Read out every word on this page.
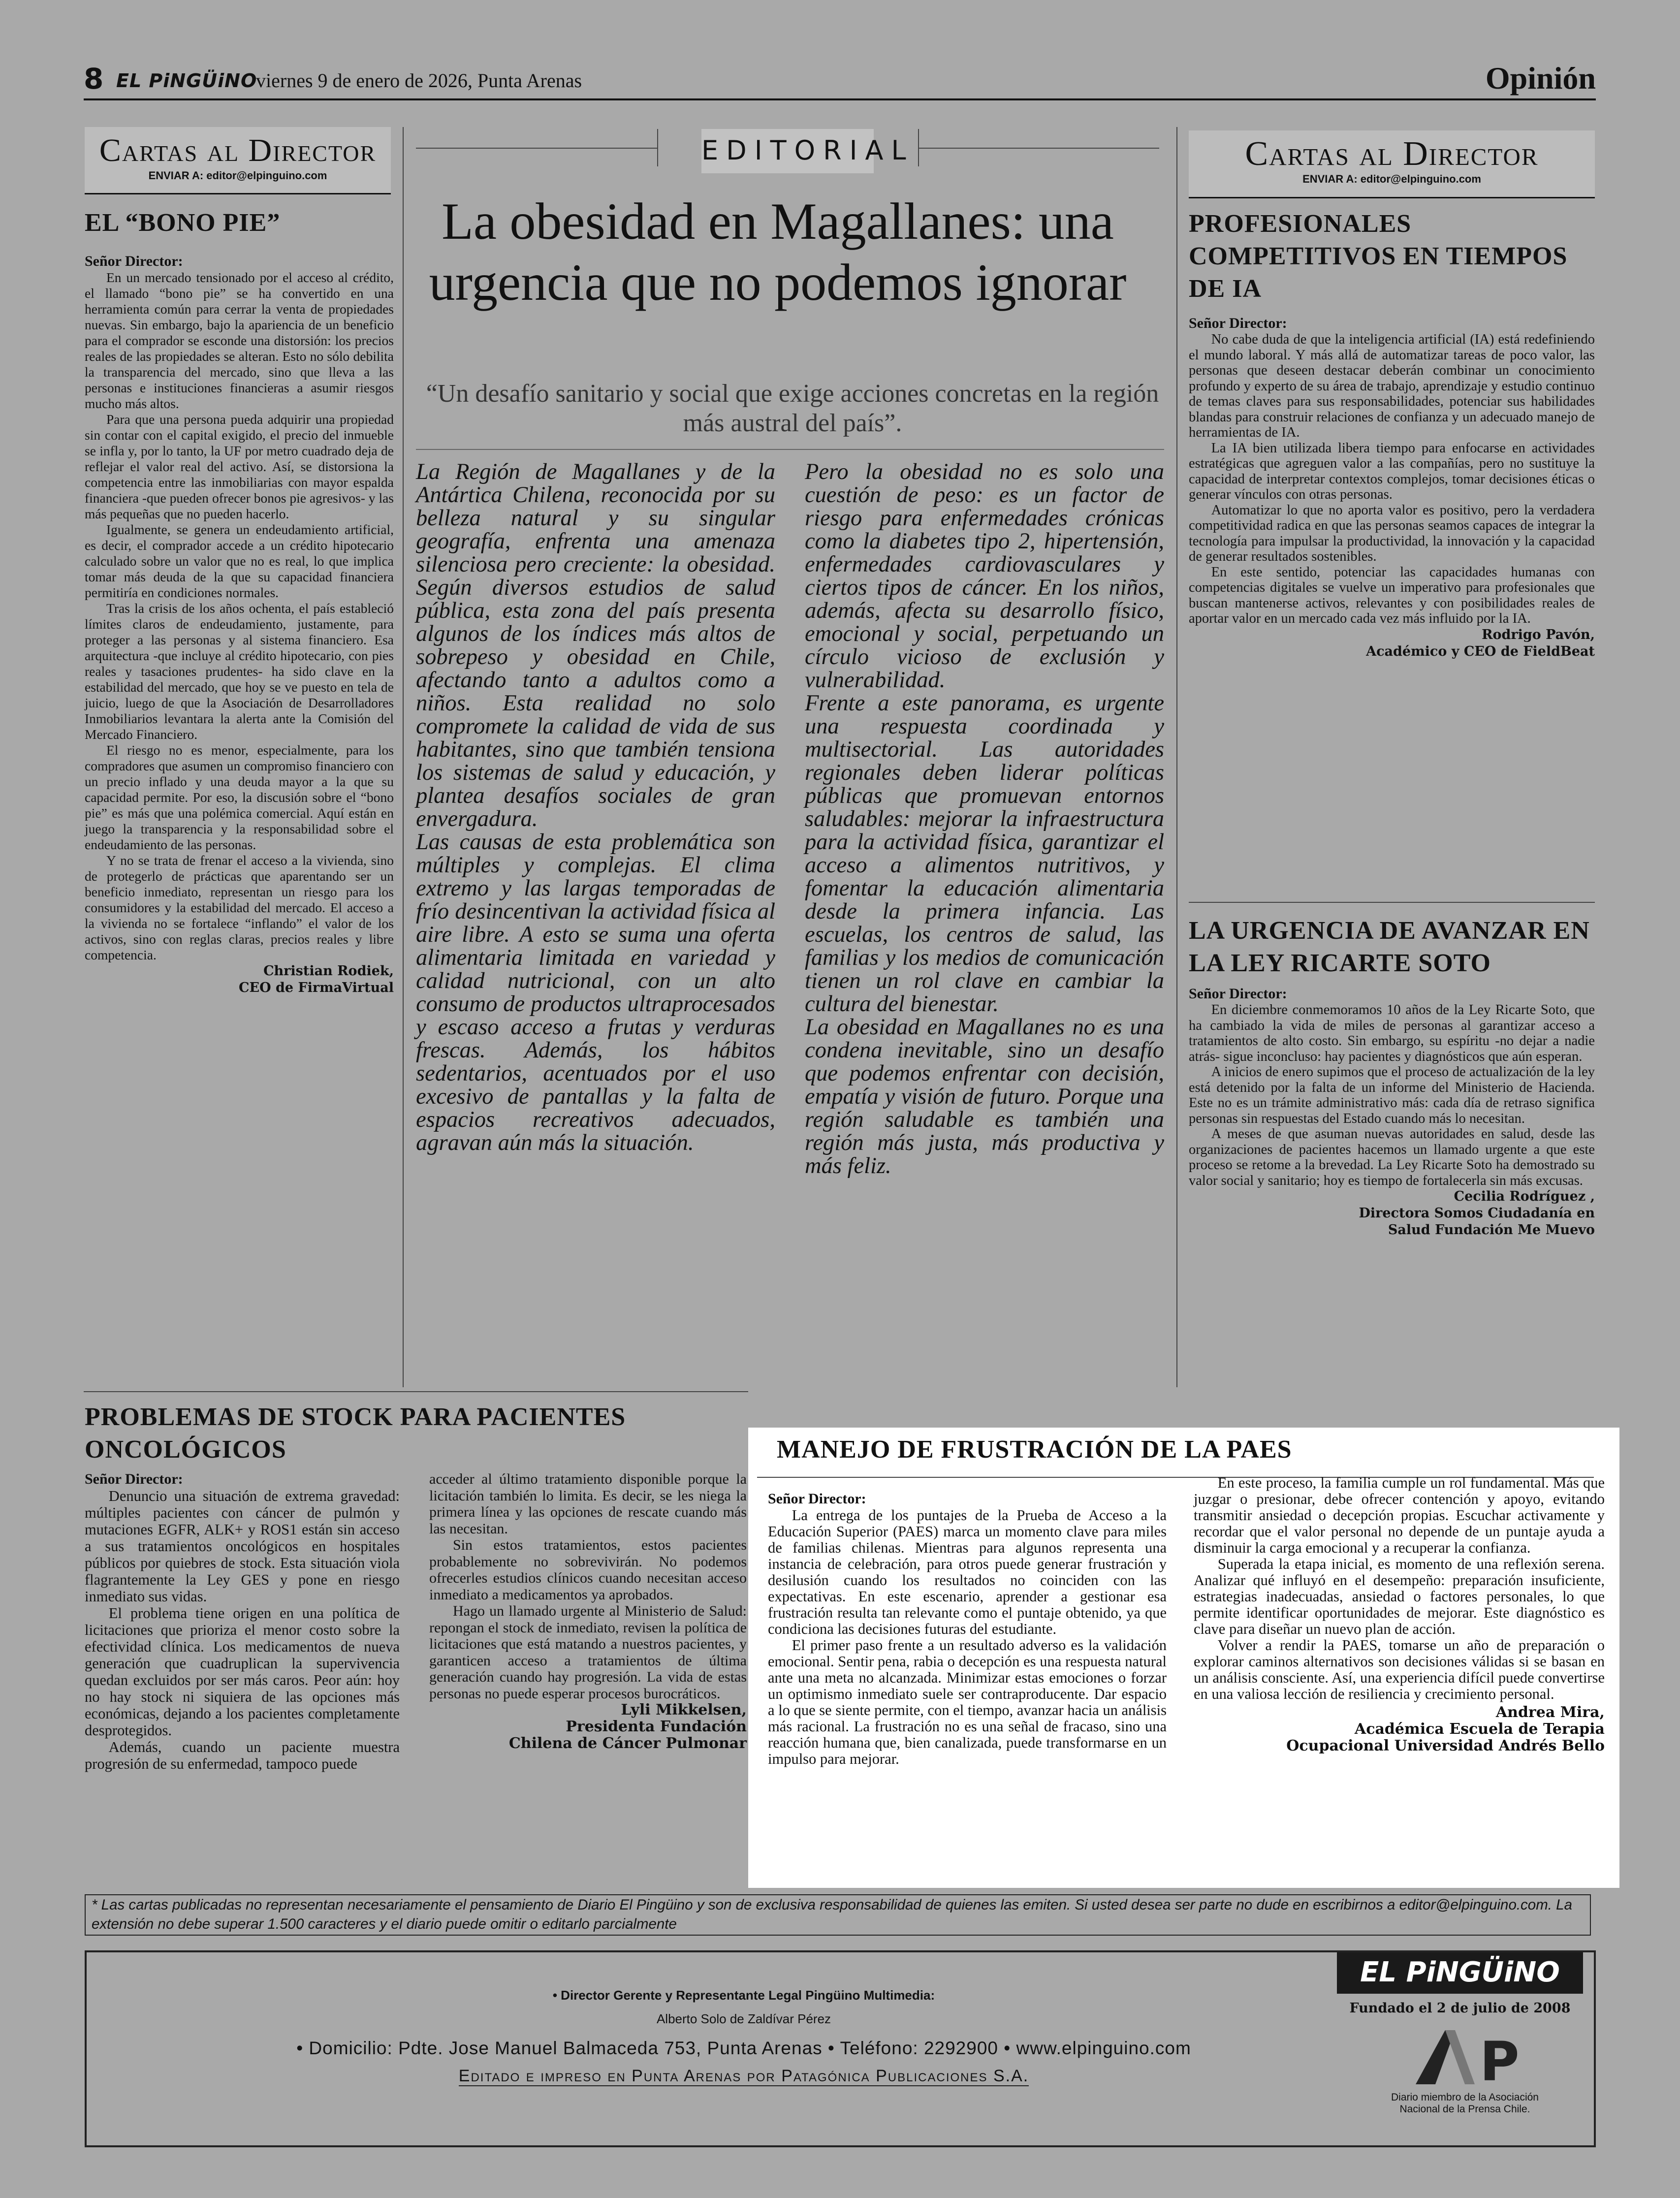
8 EL PiNGÜiNO
viernes 9 de enero de 2026, Punta Arenas	Opinión
Cartas al Director
ENVIAR A: editor@elpinguino.com
EL “BONO PIE”
Señor Director:

En un mercado tensionado por el acceso al crédito, el llamado “bono pie” se ha convertido en una herramienta común para cerrar la venta de propiedades nuevas. Sin embargo, bajo la apariencia de un beneficio para el comprador se esconde una distorsión: los precios reales de las propiedades se alteran. Esto no sólo debilita la transparencia del mercado, sino que lleva a las personas e instituciones financieras a asumir riesgos mucho más altos.

Para que una persona pueda adquirir una propiedad sin contar con el capital exigido, el precio del inmueble se infla y, por lo tanto, la UF por metro cuadrado deja de reflejar el valor real del activo. Así, se distorsiona la competencia entre las inmobiliarias con mayor espalda financiera -que pueden ofrecer bonos pie agresivos- y las más pequeñas que no pueden hacerlo.

Igualmente, se genera un endeudamiento artificial, es decir, el comprador accede a un crédito hipotecario calculado sobre un valor que no es real, lo que implica tomar más deuda de la que su capacidad financiera permitiría en condiciones normales.

Tras la crisis de los años ochenta, el país estableció límites claros de endeudamiento, justamente, para proteger a las personas y al sistema financiero. Esa arquitectura -que incluye al crédito hipotecario, con pies reales y tasaciones prudentes- ha sido clave en la estabilidad del mercado, que hoy se ve puesto en tela de juicio, luego de que la Asociación de Desarrolladores Inmobiliarios levantara la alerta ante la Comisión del Mercado Financiero.

El riesgo no es menor, especialmente, para los compradores que asumen un compromiso financiero con un precio inflado y una deuda mayor a la que su capacidad permite. Por eso, la discusión sobre el “bono pie” es más que una polémica comercial. Aquí están en juego la transparencia y la responsabilidad sobre el endeudamiento de las personas.

Y no se trata de frenar el acceso a la vivienda, sino de protegerlo de prácticas que aparentando ser un beneficio inmediato, representan un riesgo para los consumidores y la estabilidad del mercado. El acceso a la vivienda no se fortalece “inflando” el valor de los activos, sino con reglas claras, precios reales y libre competencia.

Christian Rodiek,
CEO de FirmaVirtual
EDITORIAL
La obesidad en Magallanes: una urgencia que no podemos ignorar
“Un desafío sanitario y social que exige acciones concretas en la región más austral del país”.

La Región de Magallanes y de la Antártica Chilena, reconocida por su belleza natural y su singular geografía, enfrenta una amenaza silenciosa pero creciente: la obesidad. Según diversos estudios de salud pública, esta zona del país presenta algunos de los índices más altos de sobrepeso y obesidad en Chile, afectando tanto a adultos como a niños. Esta realidad no solo compromete la calidad de vida de sus habitantes, sino que también tensiona los sistemas de salud y educación, y plantea desafíos sociales de gran envergadura.

Las causas de esta problemática son múltiples y complejas. El clima extremo y las largas temporadas de frío desincentivan la actividad física al aire libre. A esto se suma una oferta alimentaria limitada en variedad y calidad nutricional, con un alto consumo de productos ultraprocesados y escaso acceso a frutas y verduras frescas. Además, los hábitos sedentarios, acentuados por el uso excesivo de pantallas y la falta de espacios recreativos adecuados, agravan aún más la situación.

Pero la obesidad no es solo una cuestión de peso: es un factor de riesgo para enfermedades crónicas como la diabetes tipo 2, hipertensión, enfermedades cardiovasculares y ciertos tipos de cáncer. En los niños, además, afecta su desarrollo físico, emocional y social, perpetuando un círculo vicioso de exclusión y vulnerabilidad.

Frente a este panorama, es urgente una respuesta coordinada y multisectorial. Las autoridades regionales deben liderar políticas públicas que promuevan entornos saludables: mejorar la infraestructura para la actividad física, garantizar el acceso a alimentos nutritivos, y fomentar la educación alimentaria desde la primera infancia. Las escuelas, los centros de salud, las familias y los medios de comunicación tienen un rol clave en cambiar la cultura del bienestar.

La obesidad en Magallanes no es una condena inevitable, sino un desafío que podemos enfrentar con decisión, empatía y visión de futuro. Porque una región saludable es también una región más justa, más productiva y más feliz.

Cartas al Director
ENVIAR A: editor@elpinguino.com
PROFESIONALES COMPETITIVOS EN TIEMPOS DE IA
Señor Director:

No cabe duda de que la inteligencia artificial (IA) está redefiniendo el mundo laboral. Y más allá de automatizar tareas de poco valor, las personas que deseen destacar deberán combinar un conocimiento profundo y experto de su área de trabajo, aprendizaje y estudio continuo de temas claves para sus responsabilidades, potenciar sus habilidades blandas para construir relaciones de confianza y un adecuado manejo de herramientas de IA.

La IA bien utilizada libera tiempo para enfocarse en actividades estratégicas que agreguen valor a las compañías, pero no sustituye la capacidad de interpretar contextos complejos, tomar decisiones éticas o generar vínculos con otras personas.

Automatizar lo que no aporta valor es positivo, pero la verdadera competitividad radica en que las personas seamos capaces de integrar la tecnología para impulsar la productividad, la innovación y la capacidad de generar resultados sostenibles.

En este sentido, potenciar las capacidades humanas con competencias digitales se vuelve un imperativo para profesionales que buscan mantenerse activos, relevantes y con posibilidades reales de aportar valor en un mercado cada vez más influido por la IA.

Rodrigo Pavón,
Académico y CEO de FieldBeat
LA URGENCIA DE AVANZAR EN LA LEY RICARTE SOTO
Señor Director:

En diciembre conmemoramos 10 años de la Ley Ricarte Soto, que ha cambiado la vida de miles de personas al garantizar acceso a tratamientos de alto costo. Sin embargo, su espíritu -no dejar a nadie atrás- sigue inconcluso: hay pacientes y diagnósticos que aún esperan.

A inicios de enero supimos que el proceso de actualización de la ley está detenido por la falta de un informe del Ministerio de Hacienda. Este no es un trámite administrativo más: cada día de retraso significa personas sin respuestas del Estado cuando más lo necesitan.

A meses de que asuman nuevas autoridades en salud, desde las organizaciones de pacientes hacemos un llamado urgente a que este proceso se retome a la brevedad. La Ley Ricarte Soto ha demostrado su valor social y sanitario; hoy es tiempo de fortalecerla sin más excusas.

Cecilia Rodríguez ,
Directora Somos Ciudadanía en
Salud Fundación Me Muevo
PROBLEMAS DE STOCK PARA PACIENTES ONCOLÓGICOS
Señor Director:

Denuncio una situación de extrema gravedad: múltiples pacientes con cáncer de pulmón y mutaciones EGFR, ALK+ y ROS1 están sin acceso a sus tratamientos oncológicos en hospitales públicos por quiebres de stock. Esta situación viola flagrantemente la Ley GES y pone en riesgo inmediato sus vidas.

El problema tiene origen en una política de licitaciones que prioriza el menor costo sobre la efectividad clínica. Los medicamentos de nueva generación que cuadruplican la supervivencia quedan excluidos por ser más caros. Peor aún: hoy no hay stock ni siquiera de las opciones más económicas, dejando a los pacientes completamente desprotegidos.

Además, cuando un paciente muestra progresión de su enfermedad, tampoco puede

acceder al último tratamiento disponible porque la licitación también lo limita. Es decir, se les niega la primera línea y las opciones de rescate cuando más las necesitan.

Sin estos tratamientos, estos pacientes probablemente no sobrevivirán. No podemos ofrecerles estudios clínicos cuando necesitan acceso inmediato a medicamentos ya aprobados.

Hago un llamado urgente al Ministerio de Salud: repongan el stock de inmediato, revisen la política de licitaciones que está matando a nuestros pacientes, y garanticen acceso a tratamientos de última generación cuando hay progresión. La vida de estas personas no puede esperar procesos burocráticos.

Lyli Mikkelsen,
Presidenta Fundación
Chilena de Cáncer Pulmonar
MANEJO DE FRUSTRACIÓN DE LA PAES
Señor Director:

La entrega de los puntajes de la Prueba de Acceso a la Educación Superior (PAES) marca un momento clave para miles de familias chilenas. Mientras para algunos representa una instancia de celebración, para otros puede generar frustración y desilusión cuando los resultados no coinciden con las expectativas. En este escenario, aprender a gestionar esa frustración resulta tan relevante como el puntaje obtenido, ya que condiciona las decisiones futuras del estudiante.

El primer paso frente a un resultado adverso es la validación emocional. Sentir pena, rabia o decepción es una respuesta natural ante una meta no alcanzada. Minimizar estas emociones o forzar un optimismo inmediato suele ser contraproducente. Dar espacio a lo que se siente permite, con el tiempo, avanzar hacia un análisis más racional. La frustración no es una señal de fracaso, sino una reacción humana que, bien canalizada, puede transformarse en un impulso para mejorar.

En este proceso, la familia cumple un rol fundamental. Más que juzgar o presionar, debe ofrecer contención y apoyo, evitando transmitir ansiedad o decepción propias. Escuchar activamente y recordar que el valor personal no depende de un puntaje ayuda a disminuir la carga emocional y a recuperar la confianza.

Superada la etapa inicial, es momento de una reflexión serena. Analizar qué influyó en el desempeño: preparación insuficiente, estrategias inadecuadas, ansiedad o factores personales, lo que permite identificar oportunidades de mejorar. Este diagnóstico es clave para diseñar un nuevo plan de acción.

Volver a rendir la PAES, tomarse un año de preparación o explorar caminos alternativos son decisiones válidas si se basan en un análisis consciente. Así, una experiencia difícil puede convertirse en una valiosa lección de resiliencia y crecimiento personal.

Andrea Mira,
Académica Escuela de Terapia
Ocupacional Universidad Andrés Bello
* Las cartas publicadas no representan necesariamente el pensamiento de Diario El Pingüino y son de exclusiva responsabilidad de quienes las emiten. Si usted desea ser parte no dude en escribirnos a editor@elpinguino.com. La extensión no debe superar 1.500 caracteres y el diario puede omitir o editarlo parcialmente
• Director Gerente y Representante Legal Pingüino Multimedia:
Alberto Solo de Zaldívar Pérez
• Domicilio: Pdte. Jose Manuel Balmaceda 753, Punta Arenas • Teléfono: 2292900 • www.elpinguino.com
Editado e impreso en Punta Arenas por Patagónica Publicaciones S.A.
EL PiNGÜiNO
Fundado el 2 de julio de 2008
P
Diario miembro de la Asociación
Nacional de la Prensa Chile.
